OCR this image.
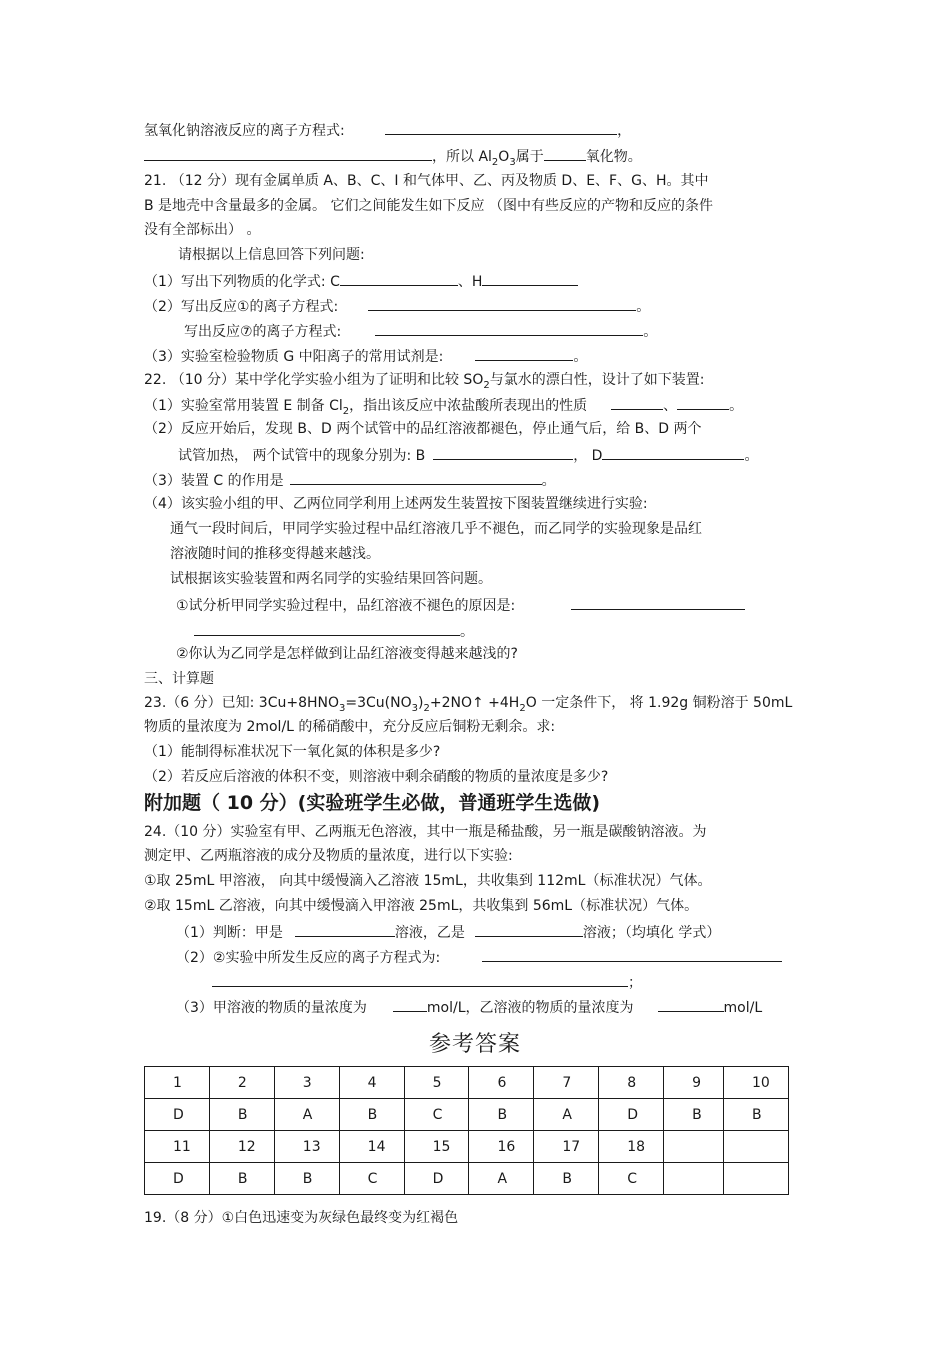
氢氧化钠溶液反应的离子方程式:	，
，所以 $Al_2O_3$属于	氧化物。
21. （12 分）现有金属单质 A、B、C、I 和气体甲、乙、丙及物质 D、E、F、G、H。其中
B 是地壳中含量最多的金属。 它们之间能发生如下反应 （图中有些反应的产物和反应的条件
没有全部标出） 。
请根据以上信息回答下列问题:
（1）写出下列物质的化学式: C	、H
（2）写出反应①的离子方程式:	。
写出反应⑦的离子方程式:	。
（3）实验室检验物质 G 中阳离子的常用试剂是:	。
22. （10 分）某中学化学实验小组为了证明和比较 $SO_2$与氯水的漂白性，设计了如下装置:
（1）实验室常用装置 E 制备 $Cl_2$，指出该反应中浓盐酸所表现出的性质	、	。
（2）反应开始后，发现 B、D 两个试管中的品红溶液都褪色，停止通气后，给 B、D 两个
试管加热， 两个试管中的现象分别为: B	， D	。
（3）装置 C 的作用是	。
（4）该实验小组的甲、乙两位同学利用上述两发生装置按下图装置继续进行实验:
通气一段时间后，甲同学实验过程中品红溶液几乎不褪色，而乙同学的实验现象是品红
溶液随时间的推移变得越来越浅。
试根据该实验装置和两名同学的实验结果回答问题。
①试分析甲同学实验过程中，品红溶液不褪色的原因是:
。
②你认为乙同学是怎样做到让品红溶液变得越来越浅的?
三、计算题
23.（6 分）已知: $3Cu+8HNO_3=3Cu(NO_3)_2+2NO↑ +4H_2O$ 一定条件下， 将 1.92g 铜粉溶于 50mL
物质的量浓度为 2mol/L 的稀硝酸中，充分反应后铜粉无剩余。求:
（1）能制得标准状况下一氧化氮的体积是多少?
（2）若反应后溶液的体积不变，则溶液中剩余硝酸的物质的量浓度是多少?
附加题（ 10 分）(实验班学生必做，普通班学生选做)
24.（10 分）实验室有甲、乙两瓶无色溶液，其中一瓶是稀盐酸，另一瓶是碳酸钠溶液。为
测定甲、乙两瓶溶液的成分及物质的量浓度，进行以下实验:
①取 25mL 甲溶液， 向其中缓慢滴入乙溶液 15mL，共收集到 112mL（标准状况）气体。
②取 15mL 乙溶液，向其中缓慢滴入甲溶液 25mL，共收集到 56mL（标准状况）气体。
（1）判断：甲是	溶液，乙是	溶液；（均填化 学式）
（2）②实验中所发生反应的离子方程式为:
；
（3）甲溶液的物质的量浓度为	mol/L，乙溶液的物质的量浓度为	mol/L
参考答案
1	2	3	4	5	6	7	8	9	10
D	B	A	B	C	B	A	D	B	B
11	12	13	14	15	16	17	18		
D	B	B	C	D	A	B	C		
19.（8 分）①白色迅速变为灰绿色最终变为红褐色
